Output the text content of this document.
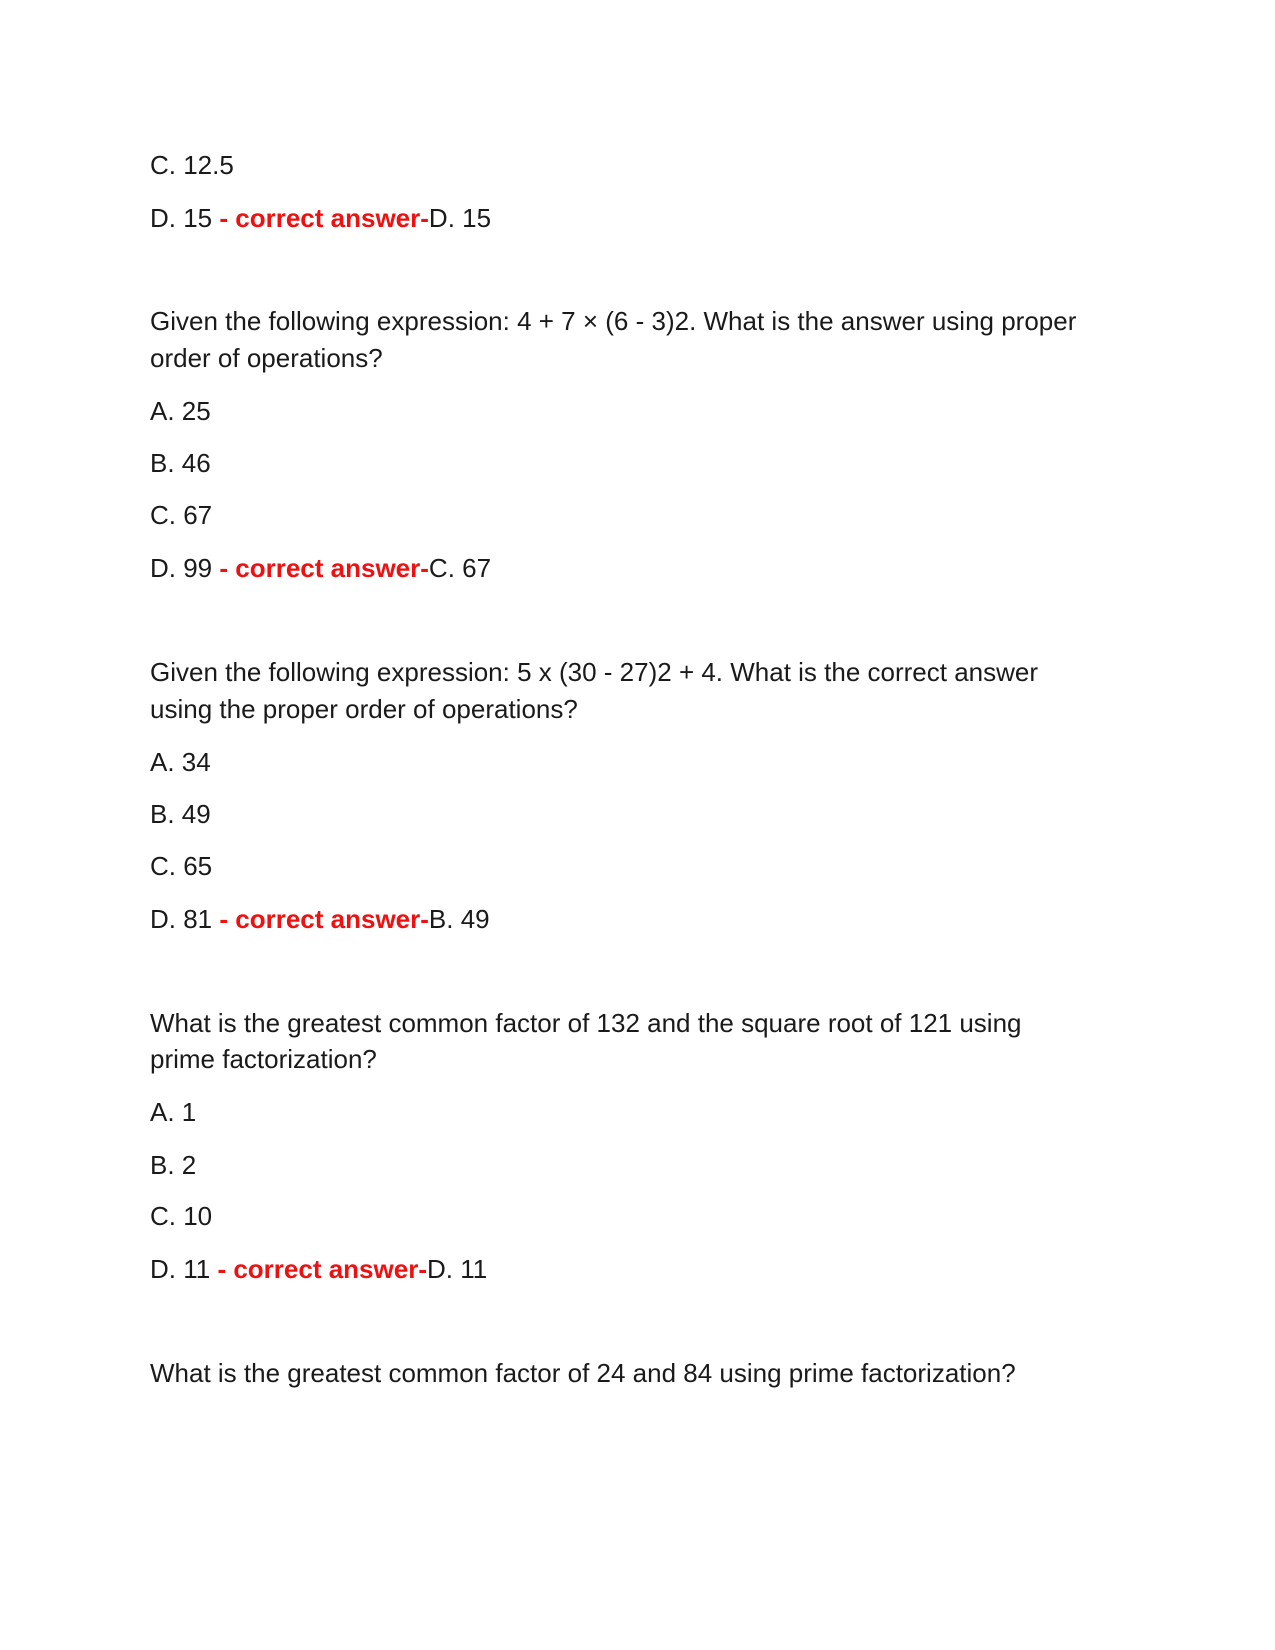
C. 12.5
D. 15 - correct answer-D. 15
Given the following expression: 4 + 7 × (6 - 3)2. What is the answer using proper
order of operations?
A. 25
B. 46
C. 67
D. 99 - correct answer-C. 67
Given the following expression: 5 x (30 - 27)2 + 4. What is the correct answer
using the proper order of operations?
A. 34
B. 49
C. 65
D. 81 - correct answer-B. 49
What is the greatest common factor of 132 and the square root of 121 using
prime factorization?
A. 1
B. 2
C. 10
D. 11 - correct answer-D. 11
What is the greatest common factor of 24 and 84 using prime factorization?
